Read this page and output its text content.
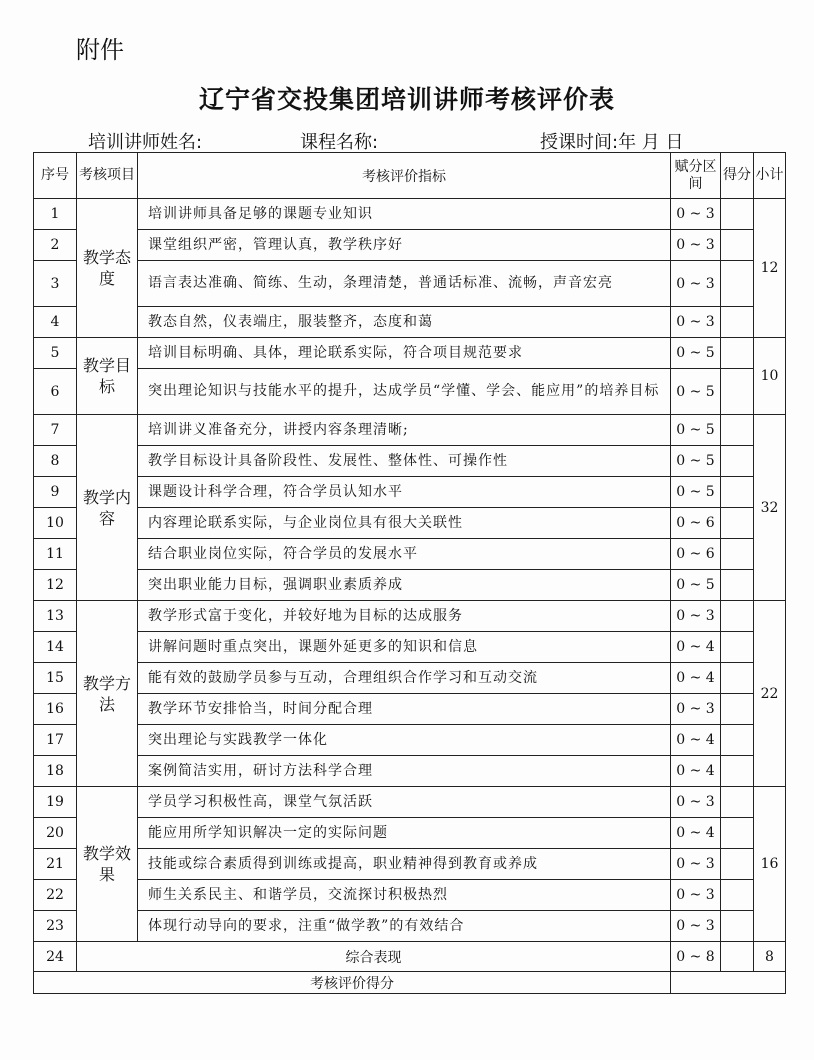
附件
辽宁省交投集团培训讲师考核评价表
培训讲师姓名:	课程名称:	授课时间:年 月 日
序号	考核项目	考核评价指标	赋分区间	得分	小计
1	教学态度	培训讲师具备足够的课题专业知识	0 ~ 3		12
2		课堂组织严密，管理认真，教学秩序好	0 ~ 3		
3		语言表达准确、简练、生动，条理清楚，普通话标准、流畅，声音宏亮	0 ~ 3		
4		教态自然，仪表端庄，服装整齐，态度和蔼	0 ~ 3		
5	教学目标	培训目标明确、具体，理论联系实际，符合项目规范要求	0 ~ 5		10
6		突出理论知识与技能水平的提升，达成学员“学懂、学会、能应用”的培养目标	0 ~ 5		
7	教学内容	培训讲义准备充分，讲授内容条理清晰;	0 ~ 5		32
8		教学目标设计具备阶段性、发展性、整体性、可操作性	0 ~ 5		
9		课题设计科学合理，符合学员认知水平	0 ~ 5		
10		内容理论联系实际，与企业岗位具有很大关联性	0 ~ 6		
11		结合职业岗位实际，符合学员的发展水平	0 ~ 6		
12		突出职业能力目标，强调职业素质养成	0 ~ 5		
13	教学方法	教学形式富于变化，并较好地为目标的达成服务	0 ~ 3		22
14		讲解问题时重点突出，课题外延更多的知识和信息	0 ~ 4		
15		能有效的鼓励学员参与互动，合理组织合作学习和互动交流	0 ~ 4		
16		教学环节安排恰当，时间分配合理	0 ~ 3		
17		突出理论与实践教学一体化	0 ~ 4		
18		案例简洁实用，研讨方法科学合理	0 ~ 4		
19	教学效果	学员学习积极性高，课堂气氛活跃	0 ~ 3		16
20		能应用所学知识解决一定的实际问题	0 ~ 4		
21		技能或综合素质得到训练或提高，职业精神得到教育或养成	0 ~ 3		
22		师生关系民主、和谐学员，交流探讨积极热烈	0 ~ 3		
23		体现行动导向的要求，注重“做学教”的有效结合	0 ~ 3		
24	综合表现		0 ~ 8		8
考核评价得分					
